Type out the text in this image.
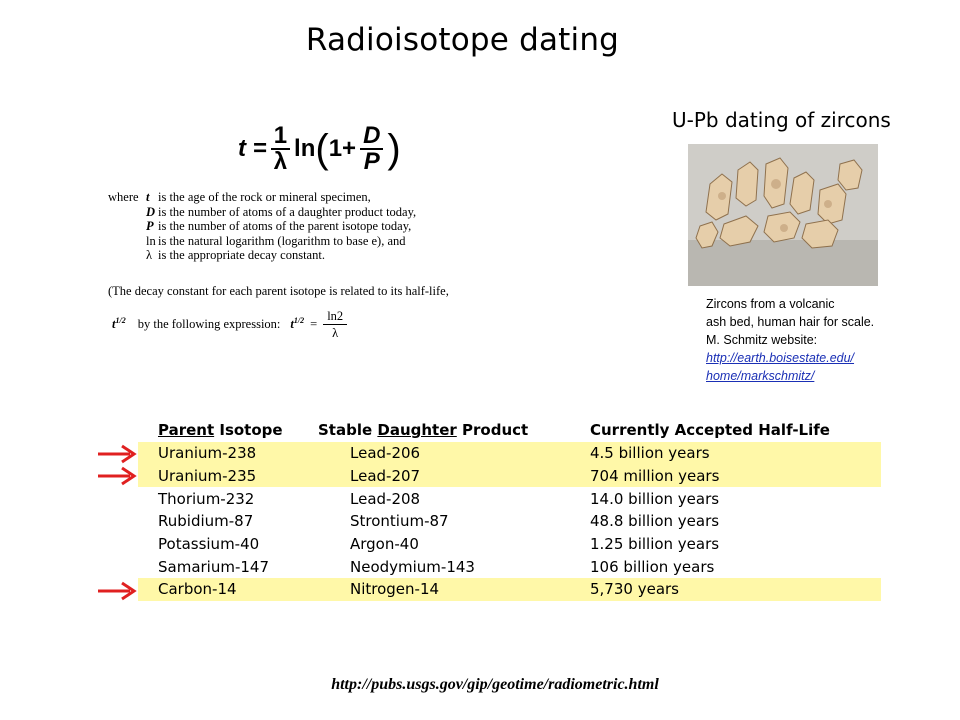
Radioisotope dating
U-Pb dating of zircons
Zircons from a volcanic
ash bed, human hair for scale.
M. Schmitz website:
http://earth.boisestate.edu/
home/markschmitz/
$t = \frac{1}{\lambda}$ ln ( $1+ \frac{D}{P}$ )
where t is the age of the rock or mineral specimen,
D is the number of atoms of a daughter product today,
P is the number of atoms of the parent isotope today,
ln is the natural logarithm (logarithm to base e), and
λ is the appropriate decay constant.
(The decay constant for each parent isotope is related to its half-life,
$t^{1/2}$ by the following expression: $t^{1/2} = \frac{\ln 2}{\lambda}$
Parent Isotope	Stable Daughter Product	Currently Accepted Half-Life
Uranium-238	Lead-206	4.5 billion years
Uranium-235	Lead-207	704 million years
Thorium-232	Lead-208	14.0 billion years
Rubidium-87	Strontium-87	48.8 billion years
Potassium-40	Argon-40	1.25 billion years
Samarium-147	Neodymium-143	106 billion years
Carbon-14	Nitrogen-14	5,730 years
http://pubs.usgs.gov/gip/geotime/radiometric.html
